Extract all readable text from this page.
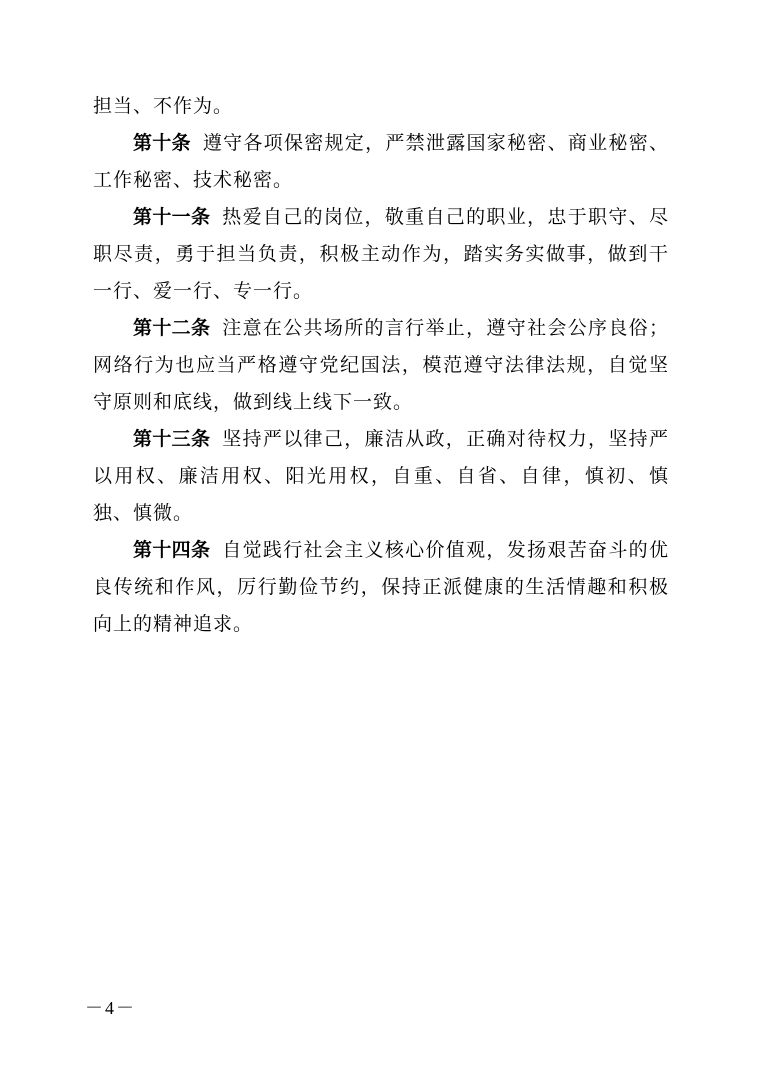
担当、不作为。

第十条 遵守各项保密规定，严禁泄露国家秘密、商业秘密、工作秘密、技术秘密。

第十一条 热爱自己的岗位，敬重自己的职业，忠于职守、尽职尽责，勇于担当负责，积极主动作为，踏实务实做事，做到干一行、爱一行、专一行。

第十二条 注意在公共场所的言行举止，遵守社会公序良俗；网络行为也应当严格遵守党纪国法，模范遵守法律法规，自觉坚守原则和底线，做到线上线下一致。

第十三条 坚持严以律己，廉洁从政，正确对待权力，坚持严以用权、廉洁用权、阳光用权，自重、自省、自律，慎初、慎独、慎微。

第十四条 自觉践行社会主义核心价值观，发扬艰苦奋斗的优良传统和作风，厉行勤俭节约，保持正派健康的生活情趣和积极向上的精神追求。

－4－
